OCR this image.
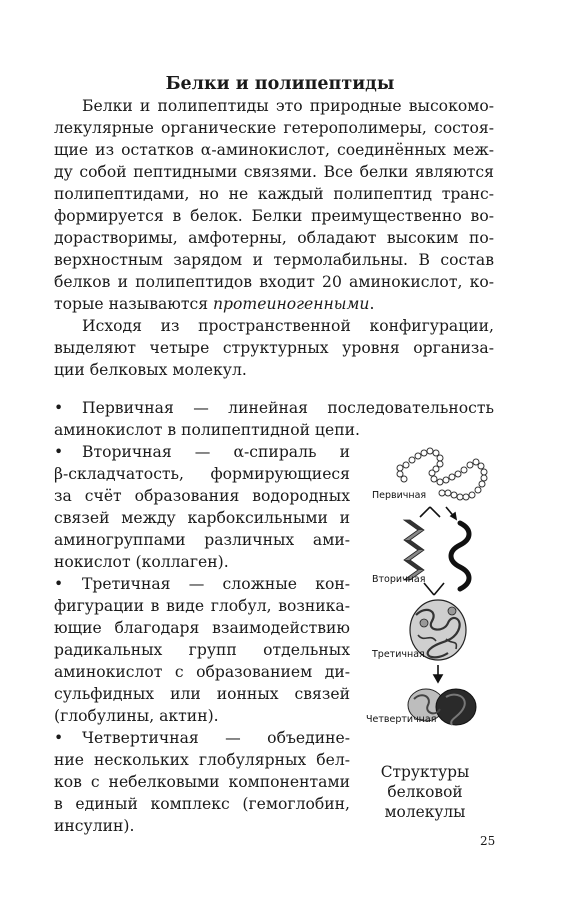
Белки и полипептиды
Белки и полипептиды это природные высокомо-
лекулярные органические гетерополимеры, состоя-
щие из остатков α-аминокислот, соединённых меж-
ду собой пептидными связями. Все белки являются
полипептидами, но не каждый полипептид транс-
формируется в белок. Белки преимущественно во-
дорастворимы, амфотерны, обладают высоким по-
верхностным зарядом и термолабильны. В состав
белков и полипептидов входит 20 аминокислот, ко-
торые называются протеиногенными.
Исходя из пространственной конфигурации,
выделяют четыре структурных уровня организа-
ции белковых молекул.
• Первичная — линейная последовательность
аминокислот в полипептидной цепи.
• Вторичная — α-спираль и
β-складчатость, формирующиеся
за счёт образования водородных
связей между карбоксильными и
аминогруппами различных ами-
нокислот (коллаген).
• Третичная — сложные кон-
фигурации в виде глобул, возника-
ющие благодаря взаимодействию
радикальных групп отдельных
аминокислот с образованием ди-
сульфидных или ионных связей
(глобулины, актин).
• Четвертичная — объедине-
ние нескольких глобулярных бел-
ков с небелковыми компонентами
в единый комплекс (гемоглобин,
инсулин).
Первичная
Вторичная
Третичная
Четвертичная
Структуры
белковой
молекулы
25
